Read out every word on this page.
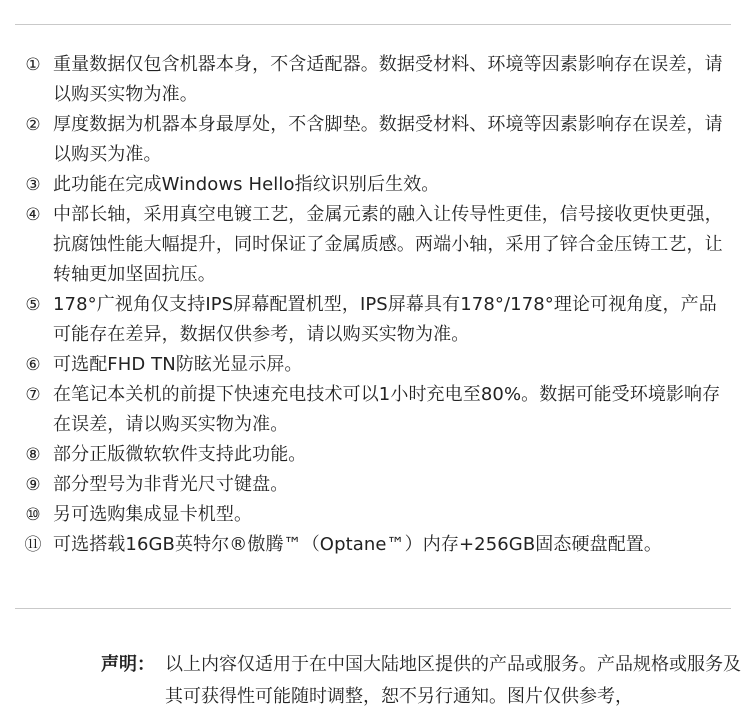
① 重量数据仅包含机器本身，不含适配器。数据受材料、环境等因素影响存在误差，请以购买实物为准。
② 厚度数据为机器本身最厚处，不含脚垫。数据受材料、环境等因素影响存在误差，请以购买为准。
③ 此功能在完成Windows Hello指纹识别后生效。
④ 中部长轴，采用真空电镀工艺，金属元素的融入让传导性更佳，信号接收更快更强，抗腐蚀性能大幅提升，同时保证了金属质感。两端小轴，采用了锌合金压铸工艺，让转轴更加坚固抗压。
⑤ 178°广视角仅支持IPS屏幕配置机型，IPS屏幕具有178°/178°理论可视角度，产品可能存在差异，数据仅供参考，请以购买实物为准。
⑥ 可选配FHD TN防眩光显示屏。
⑦ 在笔记本关机的前提下快速充电技术可以1小时充电至80%。数据可能受环境影响存在误差，请以购买实物为准。
⑧ 部分正版微软软件支持此功能。
⑨ 部分型号为非背光尺寸键盘。
⑩ 另可选购集成显卡机型。
⑪ 可选搭载16GB英特尔®傲腾™（Optane™）内存+256GB固态硬盘配置。
声明： 以上内容仅适用于在中国大陆地区提供的产品或服务。产品规格或服务及其可获得性可能随时调整，恕不另行通知。图片仅供参考，
